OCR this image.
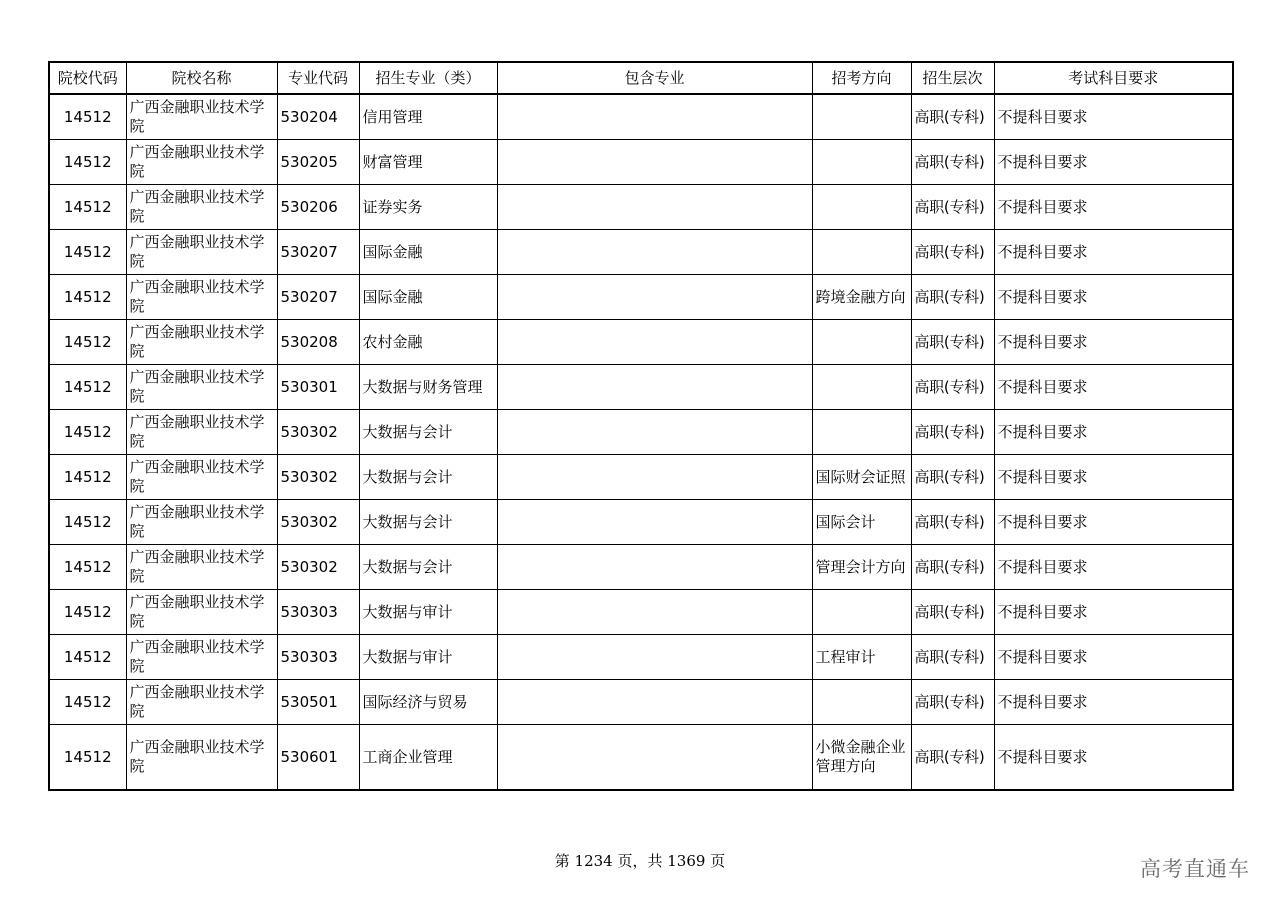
院校代码	院校名称	专业代码	招生专业（类）	包含专业	招考方向	招生层次	考试科目要求
14512	广西金融职业技术学院	530204	信用管理			高职(专科)	不提科目要求
14512	广西金融职业技术学院	530205	财富管理			高职(专科)	不提科目要求
14512	广西金融职业技术学院	530206	证券实务			高职(专科)	不提科目要求
14512	广西金融职业技术学院	530207	国际金融			高职(专科)	不提科目要求
14512	广西金融职业技术学院	530207	国际金融		跨境金融方向	高职(专科)	不提科目要求
14512	广西金融职业技术学院	530208	农村金融			高职(专科)	不提科目要求
14512	广西金融职业技术学院	530301	大数据与财务管理			高职(专科)	不提科目要求
14512	广西金融职业技术学院	530302	大数据与会计			高职(专科)	不提科目要求
14512	广西金融职业技术学院	530302	大数据与会计		国际财会证照	高职(专科)	不提科目要求
14512	广西金融职业技术学院	530302	大数据与会计		国际会计	高职(专科)	不提科目要求
14512	广西金融职业技术学院	530302	大数据与会计		管理会计方向	高职(专科)	不提科目要求
14512	广西金融职业技术学院	530303	大数据与审计			高职(专科)	不提科目要求
14512	广西金融职业技术学院	530303	大数据与审计		工程审计	高职(专科)	不提科目要求
14512	广西金融职业技术学院	530501	国际经济与贸易			高职(专科)	不提科目要求
14512	广西金融职业技术学院	530601	工商企业管理		小微金融企业管理方向	高职(专科)	不提科目要求
第 1234 页，共 1369 页	高考直通车
